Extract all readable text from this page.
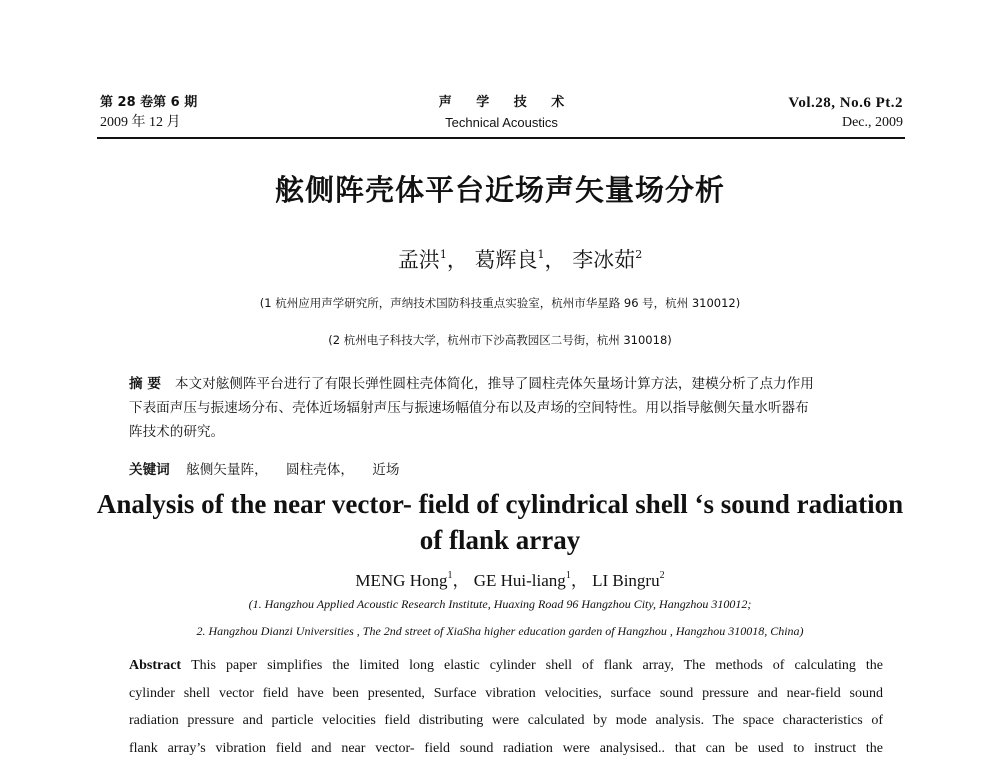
第 28 卷第 6 期
2009 年 12 月
声 学 技 术
Technical Acoustics
Vol.28, No.6 Pt.2
Dec., 2009
舷侧阵壳体平台近场声矢量场分析
孟洪$^1$， 葛辉良$^1$， 李冰茹$^2$
(1 杭州应用声学研究所，声纳技术国防科技重点实验室，杭州市华星路 96 号，杭州 310012)
(2 杭州电子科技大学，杭州市下沙高教园区二号街，杭州 310018)
摘 要 本文对舷侧阵平台进行了有限长弹性圆柱壳体简化，推导了圆柱壳体矢量场计算方法，建模分析了点力作用
下表面声压与振速场分布、壳体近场辐射声压与振速场幅值分布以及声场的空间特性。用以指导舷侧矢量水听器布
阵技术的研究。
关键词 舷侧矢量阵， 圆柱壳体， 近场
Analysis of the near vector- field of cylindrical shell ‘s sound radiation
of flank array
MENG Hong$^1$， GE Hui-liang$^1$， LI Bingru$^2$
(1. Hangzhou Applied Acoustic Research Institute, Huaxing Road 96 Hangzhou City, Hangzhou 310012;
2. Hangzhou Dianzi Universities , The 2nd street of XiaSha higher education garden of Hangzhou , Hangzhou 310018, China)
Abstract This paper simplifies the limited long elastic cylinder shell of flank array, The methods of calculating the
cylinder shell vector field have been presented, Surface vibration velocities, surface sound pressure and near-field sound
radiation pressure and particle velocities field distributing were calculated by mode analysis. The space characteristics of
flank array’s vibration field and near vector- field sound radiation were analysised.. that can be used to instruct the
